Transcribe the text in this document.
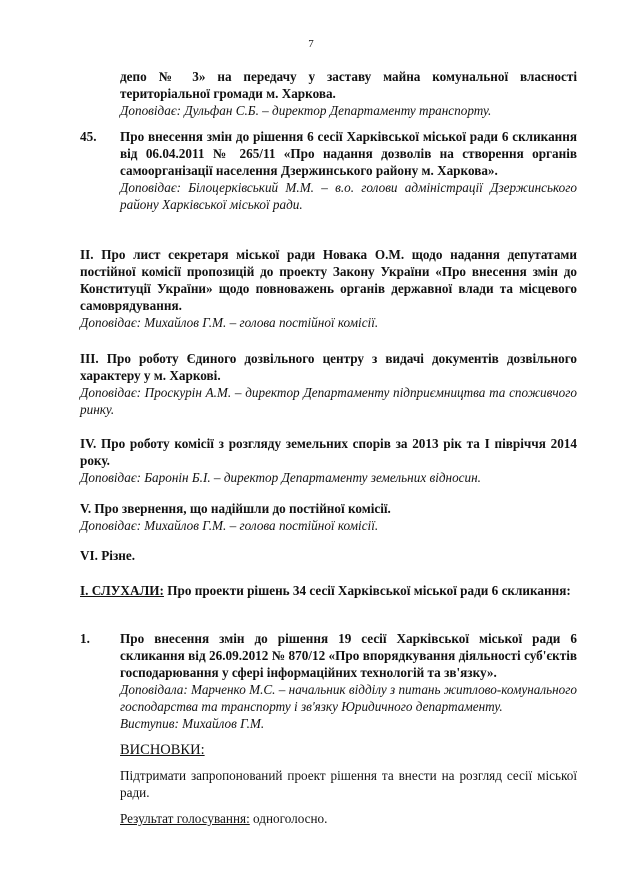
7
депо № 3» на передачу у заставу майна комунальної власності територіальної громади м. Харкова.
Доповідає: Дульфан С.Б. – директор Департаменту транспорту.
45. Про внесення змін до рішення 6 сесії Харківської міської ради 6 скликання від 06.04.2011 № 265/11 «Про надання дозволів на створення органів самоорганізації населення Дзержинського району м. Харкова».
Доповідає: Білоцерківський М.М. – в.о. голови адміністрації Дзержинського району Харківської міської ради.
II. Про лист секретаря міської ради Новака О.М. щодо надання депутатами постійної комісії пропозицій до проекту Закону України «Про внесення змін до Конституції України» щодо повноважень органів державної влади та місцевого самоврядування.
Доповідає: Михайлов Г.М. – голова постійної комісії.
III. Про роботу Єдиного дозвільного центру з видачі документів дозвільного характеру у м. Харкові.
Доповідає: Проскурін А.М. – директор Департаменту підприємництва та споживчого ринку.
IV. Про роботу комісії з розгляду земельних спорів за 2013 рік та І півріччя 2014 року.
Доповідає: Баронін Б.І. – директор Департаменту земельних відносин.
V. Про звернення, що надійшли до постійної комісії.
Доповідає: Михайлов Г.М. – голова постійної комісії.
VI. Різне.
І. СЛУХАЛИ: Про проекти рішень 34 сесії Харківської міської ради 6 скликання:
1. Про внесення змін до рішення 19 сесії Харківської міської ради 6 скликання від 26.09.2012 № 870/12 «Про впорядкування діяльності суб'єктів господарювання у сфері інформаційних технологій та зв'язку».
Доповідала: Марченко М.С. – начальник відділу з питань житлово-комунального господарства та транспорту і зв'язку Юридичного департаменту.
Виступив: Михайлов Г.М.
ВИСНОВКИ:
Підтримати запропонований проект рішення та внести на розгляд сесії міської ради.
Результат голосування: одноголосно.
